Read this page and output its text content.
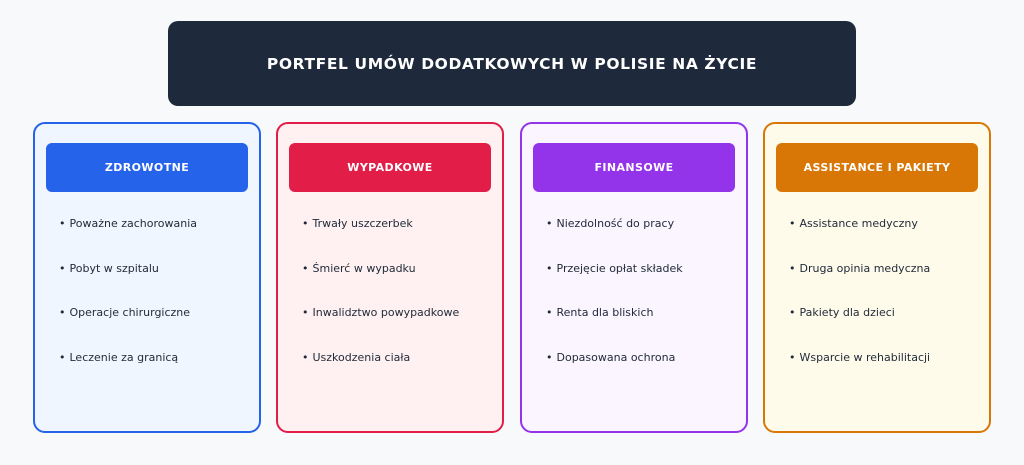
PORTFEL UMÓW DODATKOWYCH W POLISIE NA ŻYCIE
ZDROWOTNE
• Poważne zachorowania
• Pobyt w szpitalu
• Operacje chirurgiczne
• Leczenie za granicą
WYPADKOWE
• Trwały uszczerbek
• Śmierć w wypadku
• Inwalidztwo powypadkowe
• Uszkodzenia ciała
FINANSOWE
• Niezdolność do pracy
• Przejęcie opłat składek
• Renta dla bliskich
• Dopasowana ochrona
ASSISTANCE I PAKIETY
• Assistance medyczny
• Druga opinia medyczna
• Pakiety dla dzieci
• Wsparcie w rehabilitacji
